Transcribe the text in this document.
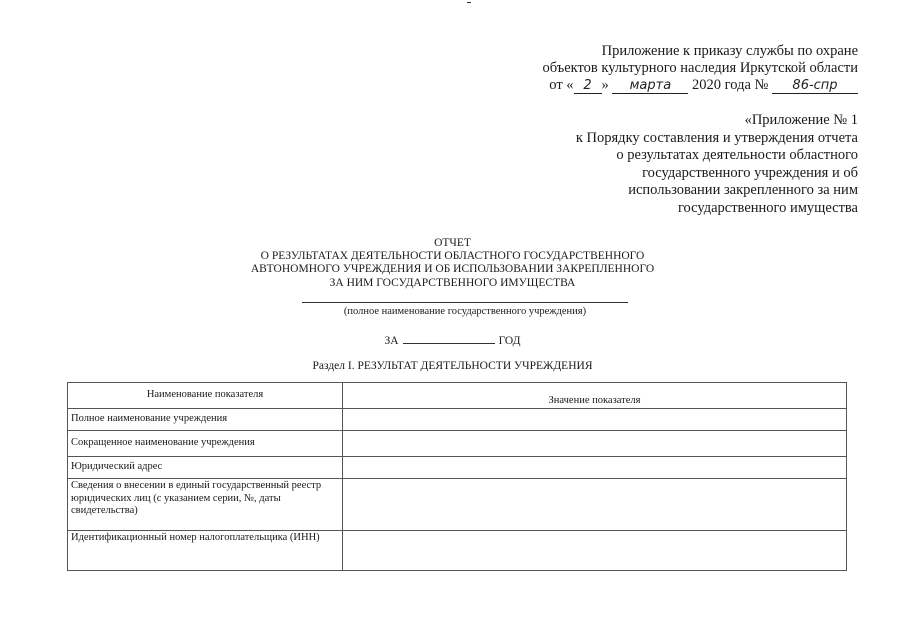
Приложение к приказу службы по охране
объектов культурного наследия Иркутской области
от « 2 » марта 2020 года № 86-спр
«Приложение № 1
к Порядку составления и утверждения отчета
о результатах деятельности областного
государственного учреждения и об
использовании закрепленного за ним
государственного имущества
ОТЧЕТ
О РЕЗУЛЬТАТАХ ДЕЯТЕЛЬНОСТИ ОБЛАСТНОГО ГОСУДАРСТВЕННОГО
АВТОНОМНОГО УЧРЕЖДЕНИЯ И ОБ ИСПОЛЬЗОВАНИИ ЗАКРЕПЛЕННОГО
ЗА НИМ ГОСУДАРСТВЕННОГО ИМУЩЕСТВА
(полное наименование государственного учреждения)
ЗА	ГОД
Раздел I. РЕЗУЛЬТАТ ДЕЯТЕЛЬНОСТИ УЧРЕЖДЕНИЯ
Наименование показателя	Значение показателя
Полное наименование учреждения	
Сокращенное наименование учреждения	
Юридический адрес	
Сведения о внесении в единый государственный реестр юридических лиц (с указанием серии, №, даты свидетельства)	
Идентификационный номер налогоплательщика (ИНН)	
